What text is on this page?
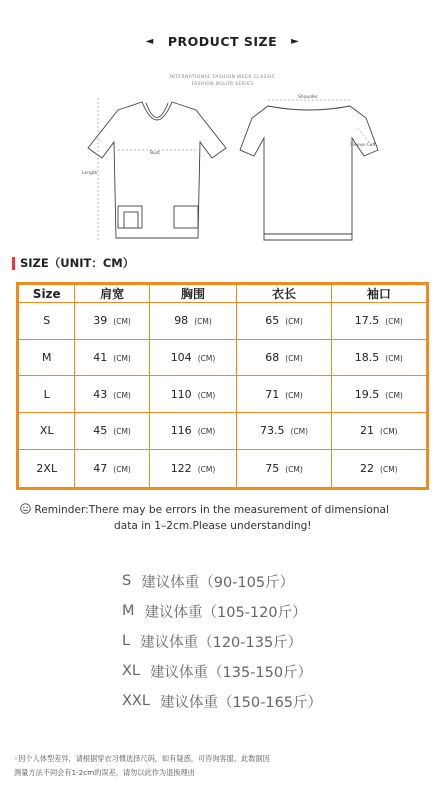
◄ PRODUCT SIZE ►
INTERNATIONAL FASHION WEEK CLASSIC
FASHION BOLOR SERIES
Bust
Length
Shoulder
Sleeve Cuff
SIZE（UNIT：CM）
Size	肩宽	胸围	衣长	袖口
S	39 (CM)	98 (CM)	65 (CM)	17.5 (CM)
M	41 (CM)	104 (CM)	68 (CM)	18.5 (CM)
L	43 (CM)	110 (CM)	71 (CM)	19.5 (CM)
XL	45 (CM)	116 (CM)	73.5 (CM)	21 (CM)
2XL	47 (CM)	122 (CM)	75 (CM)	22 (CM)
Reminder:There may be errors in the measurement of dimensional
data in 1–2cm.Please understanding!
S 建议体重（90-105斤）
M 建议体重（105-120斤）
L 建议体重（120-135斤）
XL 建议体重（135-150斤）
XXL 建议体重（150-165斤）
◦因个人体型差异，请根据穿衣习惯选择尺码，如有疑惑，可咨询客服，此数据因
测量方法不同会有1-2cm的误差，请勿以此作为退换理由
